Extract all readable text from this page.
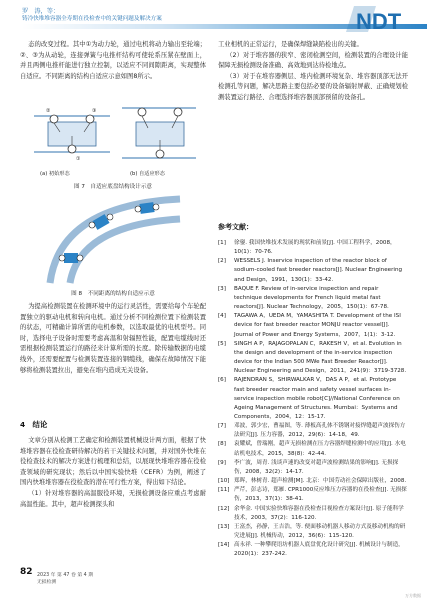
罗　涛，等：
铸冷快堆堆容器全寿期在役检查中的关键问题及解决方案	NDT

态的改变过程。其中①为动力轮，通过电机将动力输出至轮端；②、③为从动轮，连接弹簧与电推杆结构可使轮系压紧在壁面上，并且两侧电推杆能进行独立控制，以适应不同间隙距离，实现整体自适应。不同距离的结构自适应示意如图8所示。

②	③
①
(a) 初始形态	(b) 自适应形态
图 7　自适应底盘结构设计示意
图 8　不同距离的结构自适应示意

为提高检测装置在检测环境中的运行灵活性，需要给每个车轮配置独立的驱动电机和转向电机。通过分析不同检测位置下检测装置的状态，可精确计算所需的电机参数，以选取最优的电机型号。同时，选择电子设备时需要考虑高温和射辐照性能，配置电缆线时还需根据检测装置运行的路径来计算所需的长度。除传输数据的电缆线外，还需要配置与检测装置连接的钢缆线，确保在故障情况下能够将检测装置拉出，避免在堆内造成无关设备。

4　结论

文章分别从检测工艺确定和检测装置机械设计两方面，根据了快堆堆容器在役检查研待解决的若干关键技术问题，并对国外快堆在役检查技术的解决方案进行梳理和总结，以展现快堆堆容器在役检查领域的研究现状；然后以中国实验快堆（CEFR）为例，阐述了国内快堆堆容器在役检查的潜在可行性方案，得出如下结论。

（1）针对堆容器的高温服役环境，无损检测设备应重点考虑耐高温性能。其中，超声检测探头和

工业相机的正常运行，是确保焊缝缺陷检出的关键。

（2）对于堆容器的狭窄、密闭检测空间，检测装置的合理设计能保障无损检测设备准确、高效地到达待检地点。

（3）对于在堆容器侧层、堆内检测环境复杂、堆容器顶部无法开检测孔等问题，解决思路主要包括必要的设备辐射屏蔽、正确规划检测装置运行路径、合理选择堆容器顶部预留的设备孔。

参考文献：
[1]	徐鋆. 我国快堆技术发展的现状和前景[J]. 中国工程科学，2008，10(1)：70-76.
[2]	WESSELS J. Inservice inspection of the reactor block of sodium-cooled fast breeder reactors[J]. Nuclear Engineering and Design，1991，130(1)：33-42.
[3]	BAQUE F. Review of in-service inspection and repair technique developments for French liquid metal fast reactors[J]. Nuclear Technology，2005，150(1)：67-78.
[4]	TAGAWA A，UEDA M，YAMASHITA T. Development of the ISI device for fast breeder reactor MONJU reactor vessel[J]. Journal of Power and Energy Systems，2007，1(1)：3-12.
[5]	SINGH A P，RAJAGOPALAN C，RAKESH V，et al. Evolution in the design and development of the in-service inspection device for the Indian 500 MWe Fast Breeder Reactor[J]. Nuclear Engineering and Design，2011，241(9)：3719-3728.
[6]	RAJENDRAN S，SHIRWALKAR V，DAS A P，et al. Prototype fast breeder reactor main and safety vessel surfaces in-service inspection mobile robot[C]//National Conference on Ageing Management of Structures. Mumbai：Systems and Components，2004，12：15-17.
[7]	邓波，郭少宏，曹福图，等. 薄板高孔体不锈钢对接焊缝超声波探伤方法研究[J]. 压力容器，2012，29(6)：14-18，49.
[8]	袁耀斌，曾瑞刚，超声无损检测在压力容器焊缝检测中的应用[J]. 水电站机电技术，2015，38(8)：42-44.
[9]	李广波，周青. 浅谈声速的改变对超声波检测结果的影响[J]. 无损探伤，2008，32(2)：14-17.
[10] 郑晖，林树青. 超声检测[M]. 北京：中国劳动社会保障出版社，2008.
[11] 严芹，彭志诗，郑雁. CPR1000反应堆压力容器的在役检查[J]. 无损探伤，2013，37(1)：38-41.
[12] 余华金. 中国实验快堆容器在役检查目视检查方案设计[J]. 原子能科学技术，2003，37(2)：116-120.
[13] 王富杰，孙静，王吉浩，等. 便面移动机器人移动方式及移动机构的研究进展[J]. 机械传动，2012，36(6)：115-120.
[14] 高永祥. 一种攀爬语坊机器人底盘优化设计研究[J]. 机械设计与制造，2020(1)：237-242.
82 2023 年 第 47 卷 第 4 期
无损检测
万方数据
